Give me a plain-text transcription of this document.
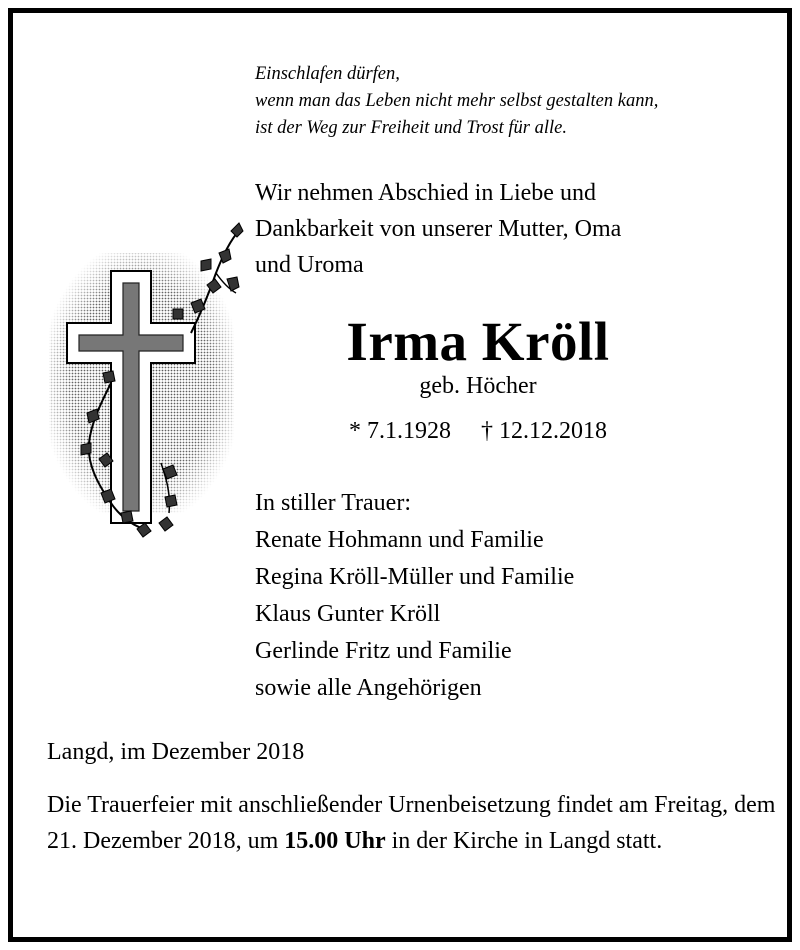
Einschlafen dürfen,
wenn man das Leben nicht mehr selbst gestalten kann,
ist der Weg zur Freiheit und Trost für alle.
Wir nehmen Abschied in Liebe und
Dankbarkeit von unserer Mutter, Oma
und Uroma
Irma Kröll
geb. Höcher
* 7.1.1928 † 12.12.2018
In stiller Trauer:
Renate Hohmann und Familie
Regina Kröll-Müller und Familie
Klaus Gunter Kröll
Gerlinde Fritz und Familie
sowie alle Angehörigen
Langd, im Dezember 2018
Die Trauerfeier mit anschließender Urnenbeisetzung findet am Freitag, dem 21. Dezember 2018, um 15.00 Uhr in der Kirche in Langd statt.
